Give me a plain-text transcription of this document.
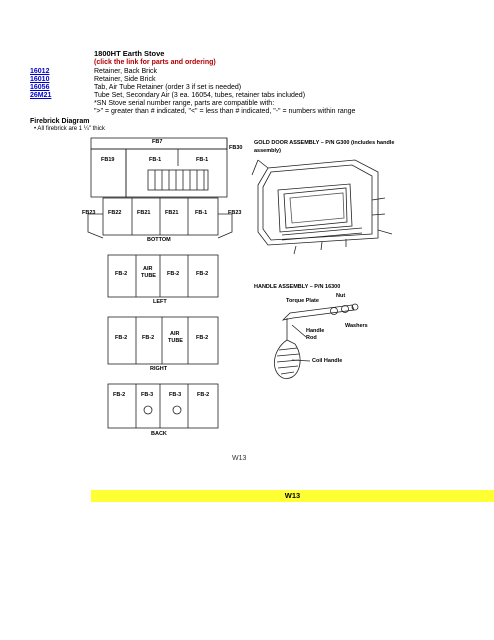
1800HT Earth Stove
(click the link for parts and ordering)
16012	Retainer, Back Brick
16010	Retainer, Side Brick
16056	Tab, Air Tube Retainer (order 3 if set is needed)
26M21	Tube Set, Secondary Air (3 ea. 16054, tubes, retainer tabs included)
*SN Stove serial number range, parts are compatible with:
">" = greater than # indicated, "<" = less than # indicated, "-" = numbers within range
Firebrick Diagram
• All firebrick are 1 ¼" thick
FB7
FB30
FB19	FB-1	FB-1
FB23 FB22	FB21	FB21	FB-1	FB23
BOTTOM
FB-2
AIR
TUBE FB-2	FB-2
LEFT
FB-2	FB-2
AIR
TUBE FB-2
RIGHT
FB-2	FB-3	FB-3	FB-2
BACK
GOLD DOOR ASSEMBLY – P/N G300 (includes handle
assembly)
HANDLE ASSEMBLY – P/N 16300
Nut
Torque Plate
Handle
Rod
Washers
Coil Handle
W13
W13
